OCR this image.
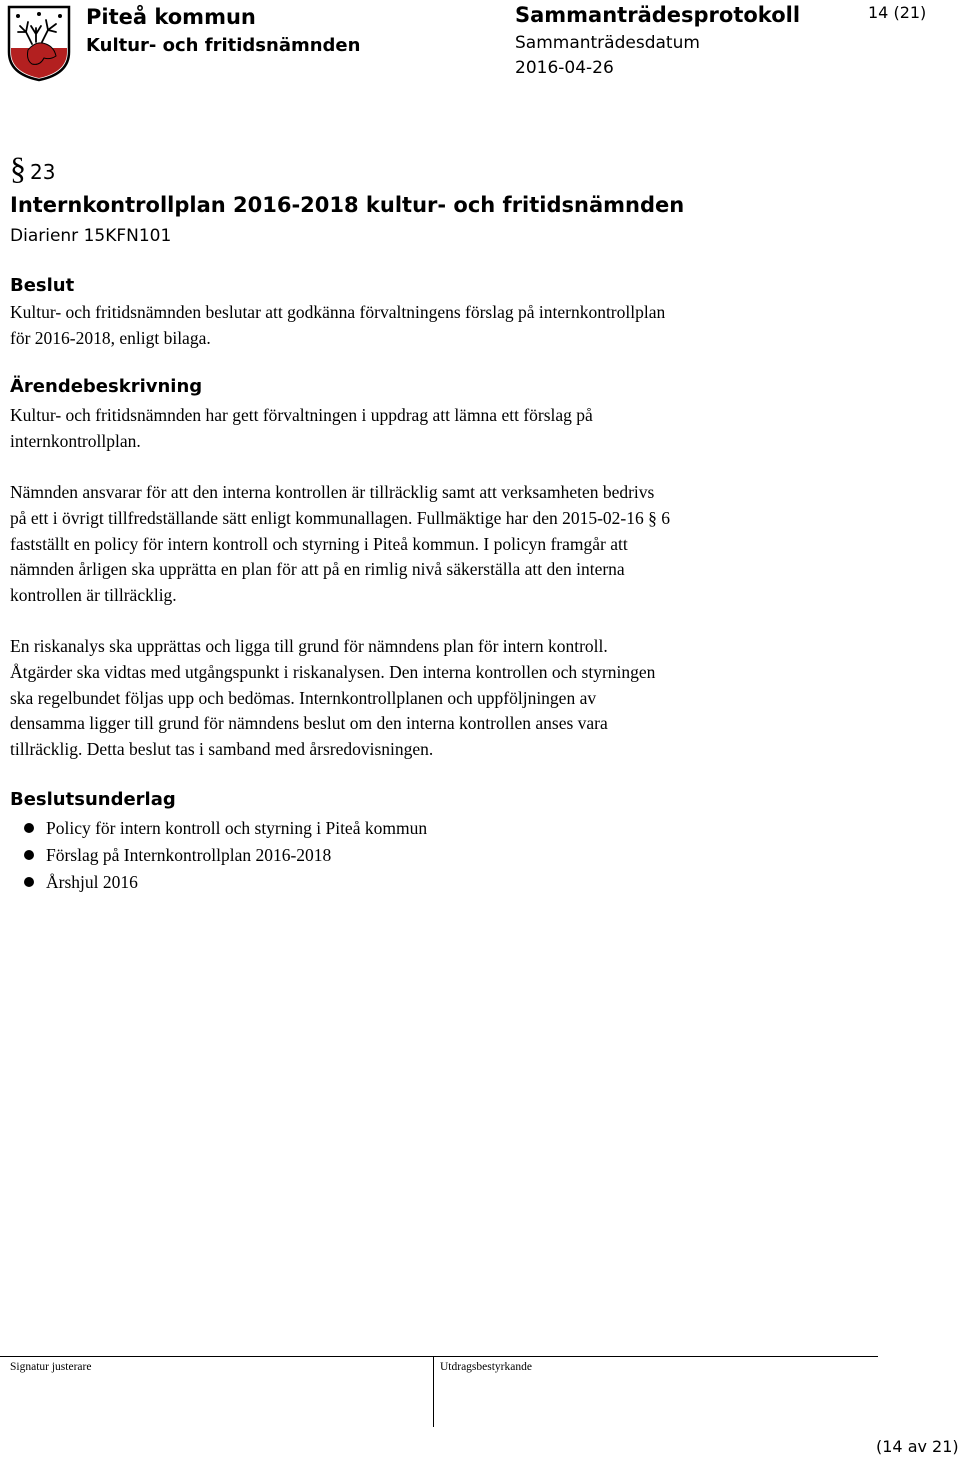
Piteå kommun
Kultur- och fritidsnämnden
Sammanträdesprotokoll
Sammanträdesdatum
2016-04-26
14 (21)
§ 23
Internkontrollplan 2016-2018 kultur- och fritidsnämnden
Diarienr 15KFN101
Beslut

Kultur- och fritidsnämnden beslutar att godkänna förvaltningens förslag på internkontrollplan
för 2016-2018, enligt bilaga.

Ärendebeskrivning

Kultur- och fritidsnämnden har gett förvaltningen i uppdrag att lämna ett förslag på
internkontrollplan.

Nämnden ansvarar för att den interna kontrollen är tillräcklig samt att verksamheten bedrivs
på ett i övrigt tillfredställande sätt enligt kommunallagen. Fullmäktige har den 2015-02-16 § 6
fastställt en policy för intern kontroll och styrning i Piteå kommun. I policyn framgår att
nämnden årligen ska upprätta en plan för att på en rimlig nivå säkerställa att den interna
kontrollen är tillräcklig.

En riskanalys ska upprättas och ligga till grund för nämndens plan för intern kontroll.
Åtgärder ska vidtas med utgångspunkt i riskanalysen. Den interna kontrollen och styrningen
ska regelbundet följas upp och bedömas. Internkontrollplanen och uppföljningen av
densamma ligger till grund för nämndens beslut om den interna kontrollen anses vara
tillräcklig. Detta beslut tas i samband med årsredovisningen.

Beslutsunderlag
Policy för intern kontroll och styrning i Piteå kommun
Förslag på Internkontrollplan 2016-2018
Årshjul 2016
Signatur justerare	Utdragsbestyrkande
(14 av 21)
